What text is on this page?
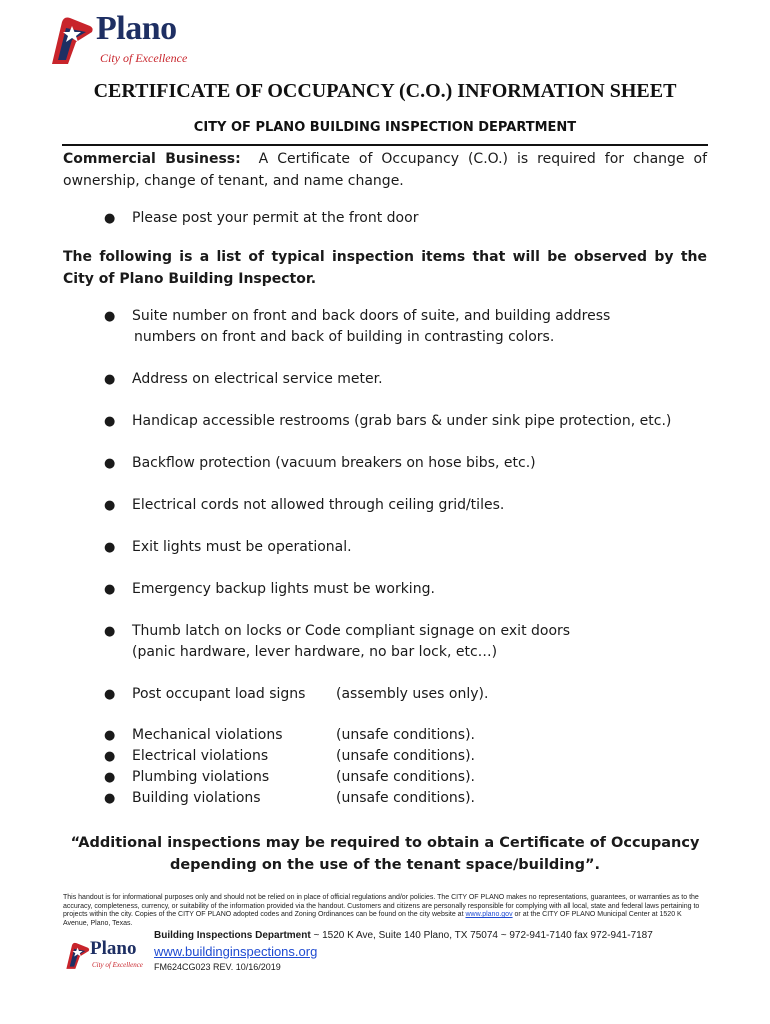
Plano
City of Excellence
CERTIFICATE OF OCCUPANCY (C.O.) INFORMATION SHEET
CITY OF PLANO BUILDING INSPECTION DEPARTMENT
Commercial Business: A Certificate of Occupancy (C.O.) is required for change of ownership, change of tenant, and name change.
● Please post your permit at the front door
The following is a list of typical inspection items that will be observed by the City of Plano Building Inspector.
● Suite number on front and back doors of suite, and building address
numbers on front and back of building in contrasting colors.
● Address on electrical service meter.
● Handicap accessible restrooms (grab bars & under sink pipe protection, etc.)
● Backflow protection (vacuum breakers on hose bibs, etc.)
● Electrical cords not allowed through ceiling grid/tiles.
● Exit lights must be operational.
● Emergency backup lights must be working.
● Thumb latch on locks or Code compliant signage on exit doors
(panic hardware, lever hardware, no bar lock, etc…)
● Post occupant load signs (assembly uses only).
● Mechanical violations	(unsafe conditions).
● Electrical violations	(unsafe conditions).
● Plumbing violations	(unsafe conditions).
● Building violations	(unsafe conditions).
“Additional inspections may be required to obtain a Certificate of Occupancy depending on the use of the tenant space/building”.
This handout is for informational purposes only and should not be relied on in place of official regulations and/or policies. The CITY OF PLANO makes no representations, guarantees, or warranties as to the accuracy, completeness, currency, or suitability of the information provided via the handout. Customers and citizens are personally responsible for complying with all local, state and federal laws pertaining to projects within the city. Copies of the CITY OF PLANO adopted codes and Zoning Ordinances can be found on the city website at www.plano.gov or at the CITY OF PLANO Municipal Center at 1520 K Avenue, Plano, Texas.
Plano
City of Excellence
Building Inspections Department ~ 1520 K Ave, Suite 140 Plano, TX 75074 ~ 972-941-7140 fax 972-941-7187
www.buildinginspections.org
FM624CG023 REV. 10/16/2019
